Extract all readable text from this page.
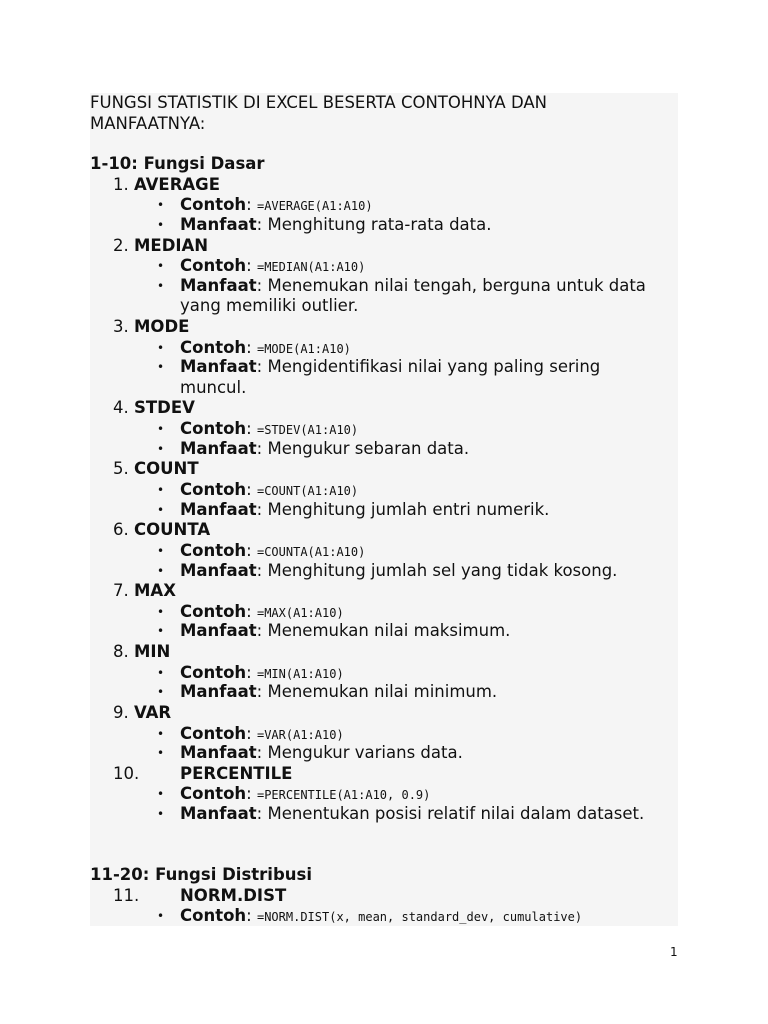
FUNGSI STATISTIK DI EXCEL BESERTA CONTOHNYA DAN
MANFAATNYA:
1-10: Fungsi Dasar
1. AVERAGE
• Contoh: =AVERAGE(A1:A10)
• Manfaat: Menghitung rata-rata data.
2. MEDIAN
• Contoh: =MEDIAN(A1:A10)
• Manfaat: Menemukan nilai tengah, berguna untuk data
yang memiliki outlier.
3. MODE
• Contoh: =MODE(A1:A10)
• Manfaat: Mengidentifikasi nilai yang paling sering
muncul.
4. STDEV
• Contoh: =STDEV(A1:A10)
• Manfaat: Mengukur sebaran data.
5. COUNT
• Contoh: =COUNT(A1:A10)
• Manfaat: Menghitung jumlah entri numerik.
6. COUNTA
• Contoh: =COUNTA(A1:A10)
• Manfaat: Menghitung jumlah sel yang tidak kosong.
7. MAX
• Contoh: =MAX(A1:A10)
• Manfaat: Menemukan nilai maksimum.
8. MIN
• Contoh: =MIN(A1:A10)
• Manfaat: Menemukan nilai minimum.
9. VAR
• Contoh: =VAR(A1:A10)
• Manfaat: Mengukur varians data.
10. PERCENTILE
• Contoh: =PERCENTILE(A1:A10, 0.9)
• Manfaat: Menentukan posisi relatif nilai dalam dataset.
11-20: Fungsi Distribusi
11. NORM.DIST
• Contoh: =NORM.DIST(x, mean, standard_dev, cumulative)
1
